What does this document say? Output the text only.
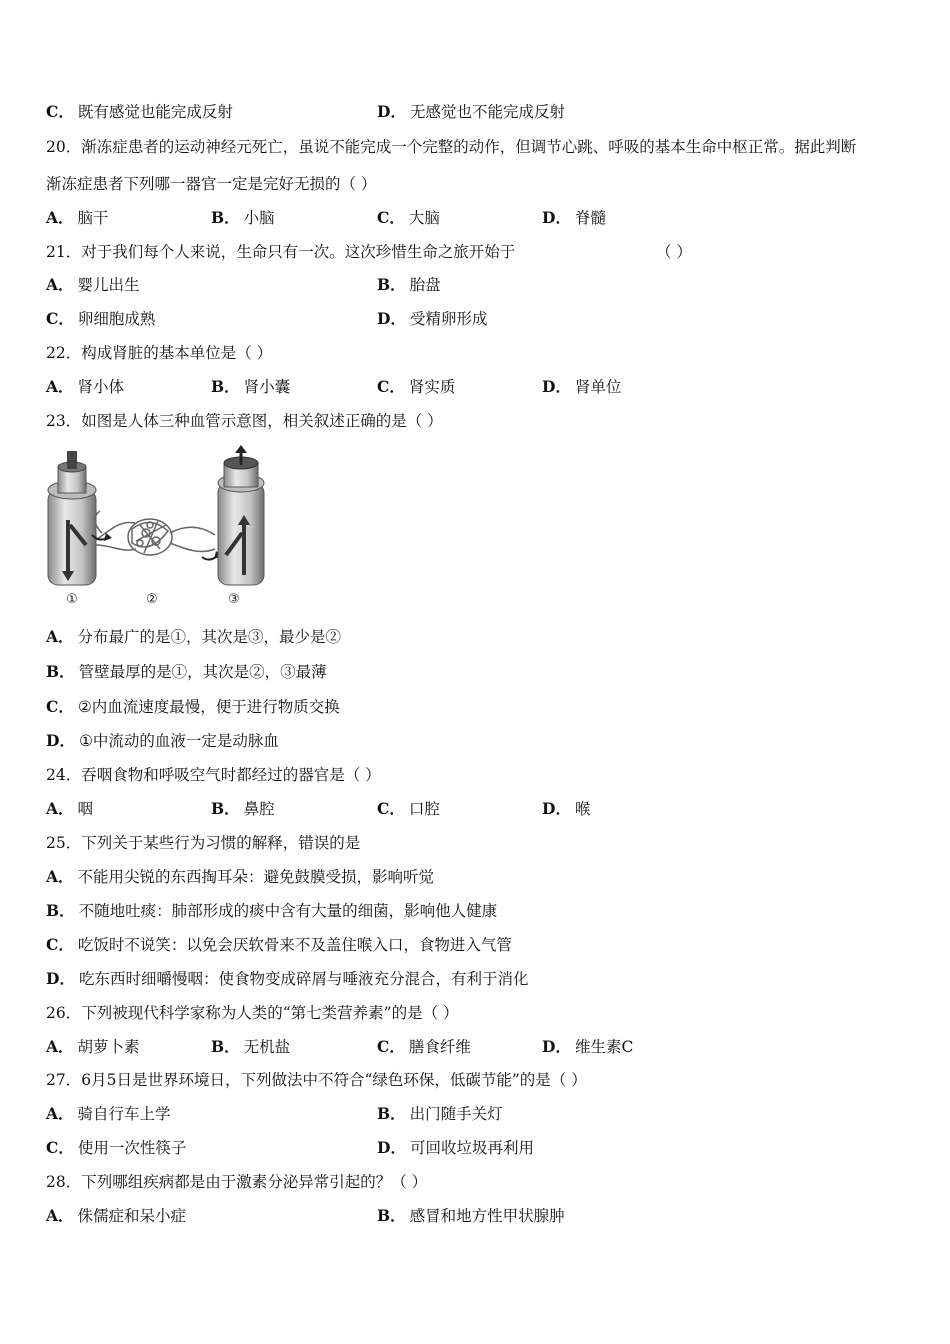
C． 既有感觉也能完成反射	D． 无感觉也不能完成反射
20．渐冻症患者的运动神经元死亡，虽说不能完成一个完整的动作，但调节心跳、呼吸的基本生命中枢正常。据此判断
渐冻症患者下列哪一器官一定是完好无损的（ ）
A． 脑干	B． 小脑	C． 大脑	D． 脊髓
21．对于我们每个人来说，生命只有一次。这次珍惜生命之旅开始于	（ ）
A． 婴儿出生	B． 胎盘
C． 卵细胞成熟	D． 受精卵形成
22．构成肾脏的基本单位是（ ）
A． 肾小体	B． 肾小囊	C． 肾实质	D． 肾单位
23．如图是人体三种血管示意图，相关叙述正确的是（ ）
①	②	③
A． 分布最广的是①，其次是③，最少是②
B． 管壁最厚的是①，其次是②，③最薄
C． ②内血流速度最慢，便于进行物质交换
D． ①中流动的血液一定是动脉血
24．吞咽食物和呼吸空气时都经过的器官是（ ）
A． 咽	B． 鼻腔	C． 口腔	D． 喉
25．下列关于某些行为习惯的解释，错误的是
A． 不能用尖锐的东西掏耳朵：避免鼓膜受损，影响听觉
B． 不随地吐痰：肺部形成的痰中含有大量的细菌，影响他人健康
C． 吃饭时不说笑：以免会厌软骨来不及盖住喉入口，食物进入气管
D． 吃东西时细嚼慢咽：使食物变成碎屑与唾液充分混合，有利于消化
26．下列被现代科学家称为人类的“第七类营养素”的是（ ）
A． 胡萝卜素	B． 无机盐	C． 膳食纤维	D． 维生素C
27．6月5日是世界环境日，下列做法中不符合“绿色环保，低碳节能”的是（ ）
A． 骑自行车上学	B． 出门随手关灯
C． 使用一次性筷子	D． 可回收垃圾再利用
28．下列哪组疾病都是由于激素分泌异常引起的？（ ）
A． 侏儒症和呆小症	B． 感冒和地方性甲状腺肿
